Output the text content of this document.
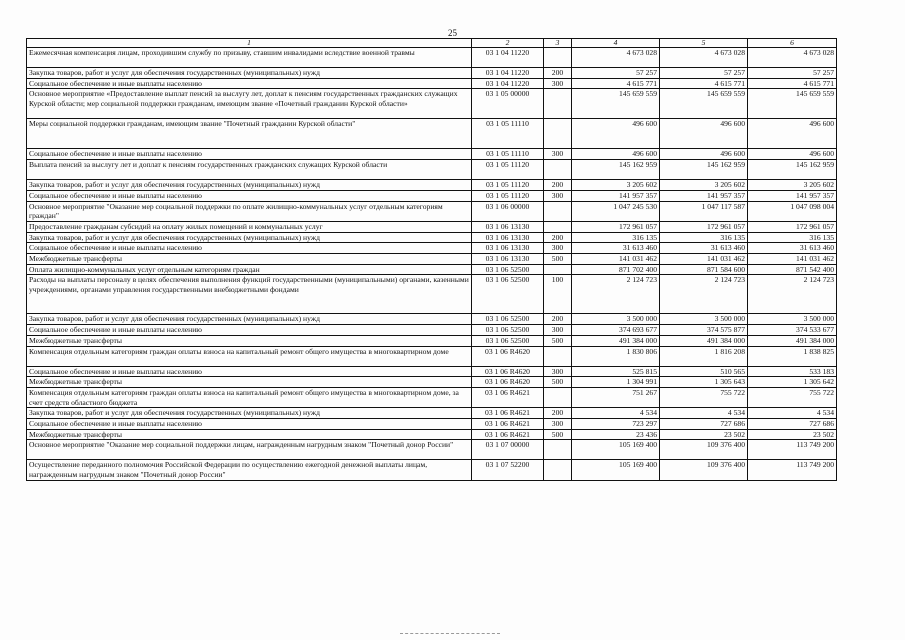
25
1	2	3	4	5	6
Ежемесячная компенсация лицам, проходившим службу по призыву, ставшим инвалидами вследствие военной травмы	03 1 04 11220		4 673 028	4 673 028	4 673 028
Закупка товаров, работ и услуг для обеспечения государственных (муниципальных) нужд	03 1 04 11220	200	57 257	57 257	57 257
Социальное обеспечение и иные выплаты населению	03 1 04 11220	300	4 615 771	4 615 771	4 615 771
Основное мероприятие «Предоставление выплат пенсий за выслугу лет, доплат к пенсиям государственных гражданских служащих Курской области; мер социальной поддержки гражданам, имеющим звание «Почетный гражданин Курской области»	03 1 05 00000		145 659 559	145 659 559	145 659 559
Меры социальной поддержки гражданам, имеющим звание "Почетный гражданин Курской области"	03 1 05 11110		496 600	496 600	496 600
Социальное обеспечение и иные выплаты населению	03 1 05 11110	300	496 600	496 600	496 600
Выплата пенсий за выслугу лет и доплат к пенсиям государственных гражданских служащих Курской области	03 1 05 11120		145 162 959	145 162 959	145 162 959
Закупка товаров, работ и услуг для обеспечения государственных (муниципальных) нужд	03 1 05 11120	200	3 205 602	3 205 602	3 205 602
Социальное обеспечение и иные выплаты населению	03 1 05 11120	300	141 957 357	141 957 357	141 957 357
Основное мероприятие "Оказание мер социальной поддержки по оплате жилищно-коммунальных услуг отдельным категориям граждан"	03 1 06 00000		1 047 245 530	1 047 117 587	1 047 098 004
Предоставление гражданам субсидий на оплату жилых помещений и коммунальных услуг	03 1 06 13130		172 961 057	172 961 057	172 961 057
Закупка товаров, работ и услуг для обеспечения государственных (муниципальных) нужд	03 1 06 13130	200	316 135	316 135	316 135
Социальное обеспечение и иные выплаты населению	03 1 06 13130	300	31 613 460	31 613 460	31 613 460
Межбюджетные трансферты	03 1 06 13130	500	141 031 462	141 031 462	141 031 462
Оплата жилищно-коммунальных услуг отдельным категориям граждан	03 1 06 52500		871 702 400	871 584 600	871 542 400
Расходы на выплаты персоналу в целях обеспечения выполнения функций государственными (муниципальными) органами, казенными учреждениями, органами управления государственными внебюджетными фондами	03 1 06 52500	100	2 124 723	2 124 723	2 124 723
Закупка товаров, работ и услуг для обеспечения государственных (муниципальных) нужд	03 1 06 52500	200	3 500 000	3 500 000	3 500 000
Социальное обеспечение и иные выплаты населению	03 1 06 52500	300	374 693 677	374 575 877	374 533 677
Межбюджетные трансферты	03 1 06 52500	500	491 384 000	491 384 000	491 384 000
Компенсация отдельным категориям граждан оплаты взноса на капитальный ремонт общего имущества в многоквартирном доме	03 1 06 R4620		1 830 806	1 816 208	1 838 825
Социальное обеспечение и иные выплаты населению	03 1 06 R4620	300	525 815	510 565	533 183
Межбюджетные трансферты	03 1 06 R4620	500	1 304 991	1 305 643	1 305 642
Компенсация отдельным категориям граждан оплаты взноса на капитальный ремонт общего имущества в многоквартирном доме, за счет средств областного бюджета	03 1 06 R4621		751 267	755 722	755 722
Закупка товаров, работ и услуг для обеспечения государственных (муниципальных) нужд	03 1 06 R4621	200	4 534	4 534	4 534
Социальное обеспечение и иные выплаты населению	03 1 06 R4621	300	723 297	727 686	727 686
Межбюджетные трансферты	03 1 06 R4621	500	23 436	23 502	23 502
Основное мероприятие "Оказание мер социальной поддержки лицам, награжденным нагрудным знаком "Почетный донор России"	03 1 07 00000		105 169 400	109 376 400	113 749 200
Осуществление переданного полномочия Российской Федерации по осуществлению ежегодной денежной выплаты лицам, награжденным нагрудным знаком "Почетный донор России"	03 1 07 52200		105 169 400	109 376 400	113 749 200
